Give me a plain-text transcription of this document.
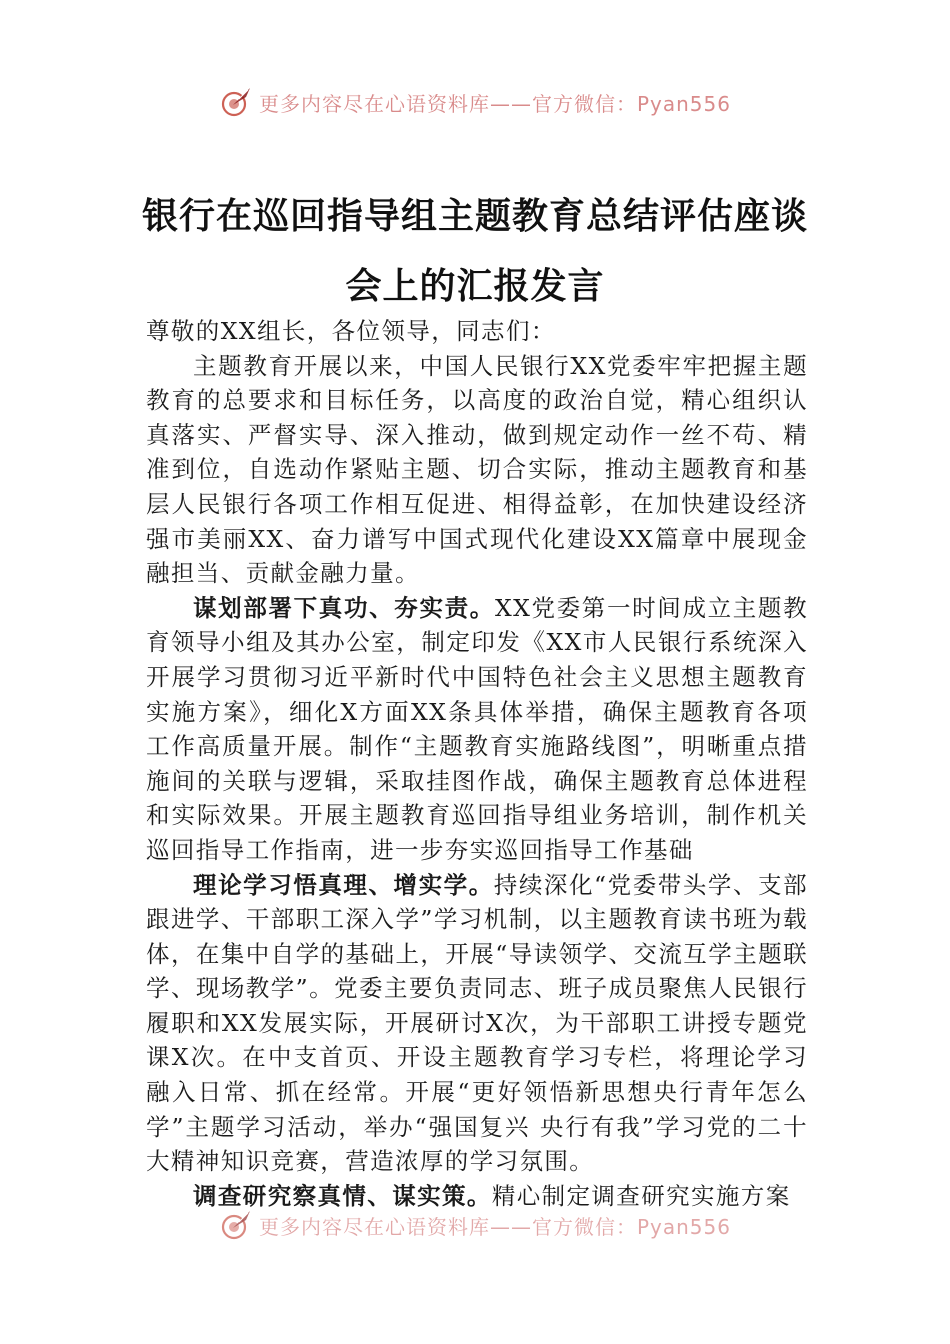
更多内容尽在心语资料库——官方微信：Pyan556
银行在巡回指导组主题教育总结评估座谈
会上的汇报发言

尊敬的XX组长，各位领导，同志们：

主题教育开展以来，中国人民银行XX党委牢牢把握主题教育的总要求和目标任务，以高度的政治自觉，精心组织认真落实、严督实导、深入推动，做到规定动作一丝不苟、精准到位，自选动作紧贴主题、切合实际，推动主题教育和基层人民银行各项工作相互促进、相得益彰，在加快建设经济强市美丽XX、奋力谱写中国式现代化建设XX篇章中展现金融担当、贡献金融力量。

谋划部署下真功、夯实责。XX党委第一时间成立主题教育领导小组及其办公室，制定印发《XX市人民银行系统深入开展学习贯彻习近平新时代中国特色社会主义思想主题教育实施方案》，细化X方面XX条具体举措，确保主题教育各项工作高质量开展。制作“主题教育实施路线图”，明晰重点措施间的关联与逻辑，采取挂图作战，确保主题教育总体进程和实际效果。开展主题教育巡回指导组业务培训，制作机关巡回指导工作指南，进一步夯实巡回指导工作基础

理论学习悟真理、增实学。持续深化“党委带头学、支部跟进学、干部职工深入学”学习机制，以主题教育读书班为载体，在集中自学的基础上，开展“导读领学、交流互学主题联学、现场教学”。党委主要负责同志、班子成员聚焦人民银行履职和XX发展实际，开展研讨X次，为干部职工讲授专题党课X次。在中支首页、开设主题教育学习专栏，将理论学习融入日常、抓在经常。开展“更好领悟新思想央行青年怎么学”主题学习活动，举办“强国复兴 央行有我”学习党的二十大精神知识竞赛，营造浓厚的学习氛围。

调查研究察真情、谋实策。精心制定调查研究实施方案

更多内容尽在心语资料库——官方微信：Pyan556
